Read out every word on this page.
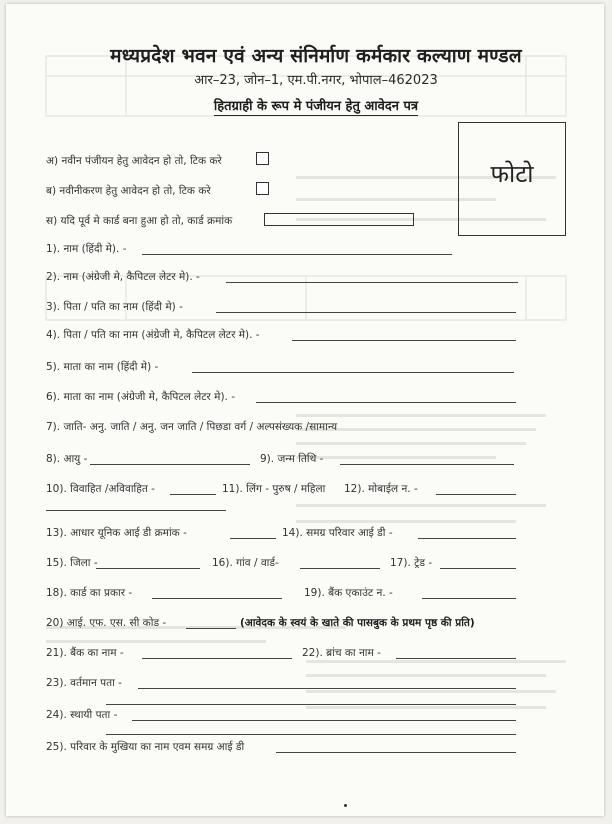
मध्यप्रदेश भवन एवं अन्य संनिर्माण कर्मकार कल्याण मण्डल
आर–23, जोन–1, एम.पी.नगर, भोपाल–462023
हितग्राही के रूप मे पंजीयन हेतु आवेदन पत्र
फोटो
अ) नवीन पंजीयन हेतु आवेदन हो तो, टिक करे
ब) नवीनीकरण हेतु आवेदन हो तो, टिक करे
स) यदि पूर्व मे कार्ड बना हुआ हो तो, कार्ड क्रमांक
1). नाम (हिंदी मे). -
2). नाम (अंग्रेजी मे, कैपिटल लेटर मे). -
3). पिता / पति का नाम (हिंदी मे) -
4). पिता / पति का नाम (अंग्रेजी मे, कैपिटल लेटर मे). -
5). माता का नाम (हिंदी मे) -
6). माता का नाम (अंग्रेजी मे, कैपिटल लेटर मे). -
7). जाति- अनु. जाति / अनु. जन जाति / पिछडा वर्ग / अल्पसंख्यक /सामान्य
8). आयु -	9). जन्म तिथि -
10). विवाहित /अविवाहित -	11). लिंग - पुरुष / महिला 12). मोबाईल न. -
13). आधार यूनिक आई डी क्रमांक -	14). समग्र परिवार आई डी -
15). जिला -	16). गांव / वार्ड-	17). ट्रेड -
18). कार्ड का प्रकार -	19). बैंक एकाउंट न. -
20) आई. एफ. एस. सी कोड -	(आवेदक के स्वयं के खाते की पासबुक के प्रथम पृष्ठ की प्रति)
21). बैंक का नाम -	22). ब्रांच का नाम -
23). वर्तमान पता -
24). स्थायी पता -
25). परिवार के मुखिया का नाम एवम समग्र आई डी
